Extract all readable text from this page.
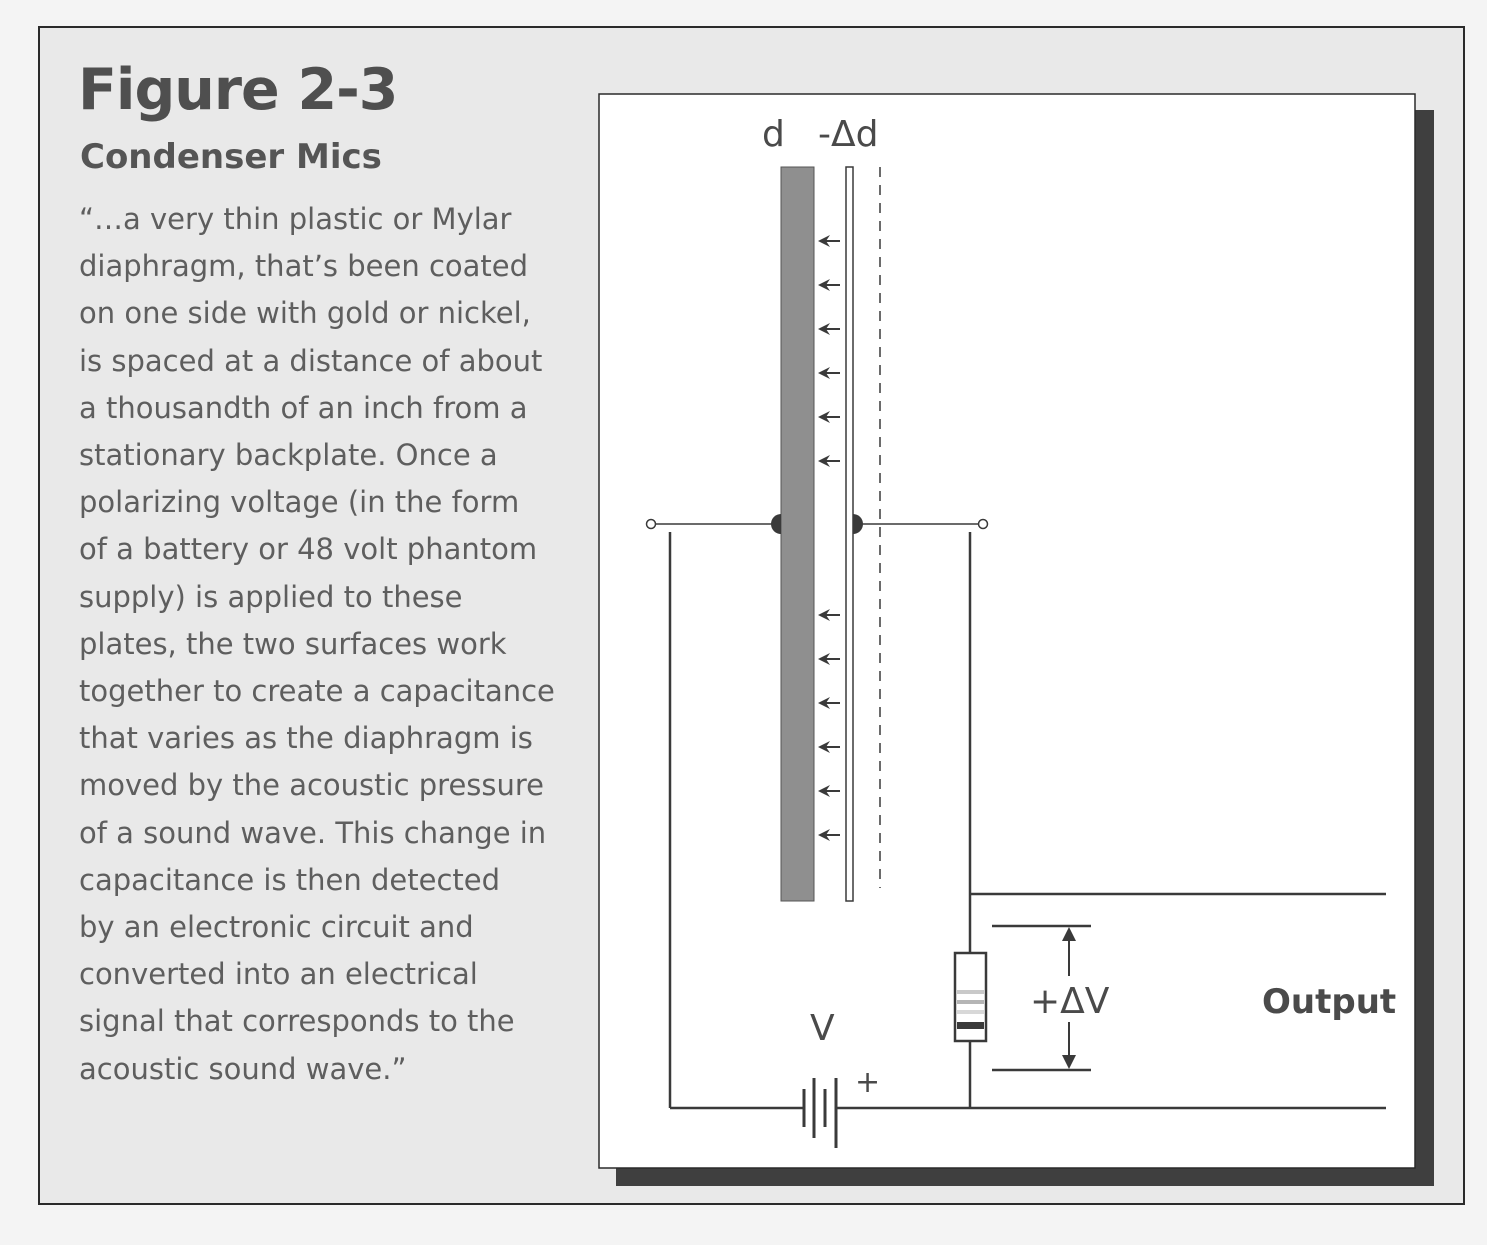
Figure 2-3
Condenser Mics

“…a very thin plastic or Mylar
diaphragm, that’s been coated
on one side with gold or nickel,
is spaced at a distance of about
a thousandth of an inch from a
stationary backplate. Once a
polarizing voltage (in the form
of a battery or 48 volt phantom
supply) is applied to these
plates, the two surfaces work
together to create a capacitance
that varies as the diaphragm is
moved by the acoustic pressure
of a sound wave. This change in
capacitance is then detected
by an electronic circuit and
converted into an electrical
signal that corresponds to the
acoustic sound wave.”

d -Δd
V
+
+ΔV	Output
